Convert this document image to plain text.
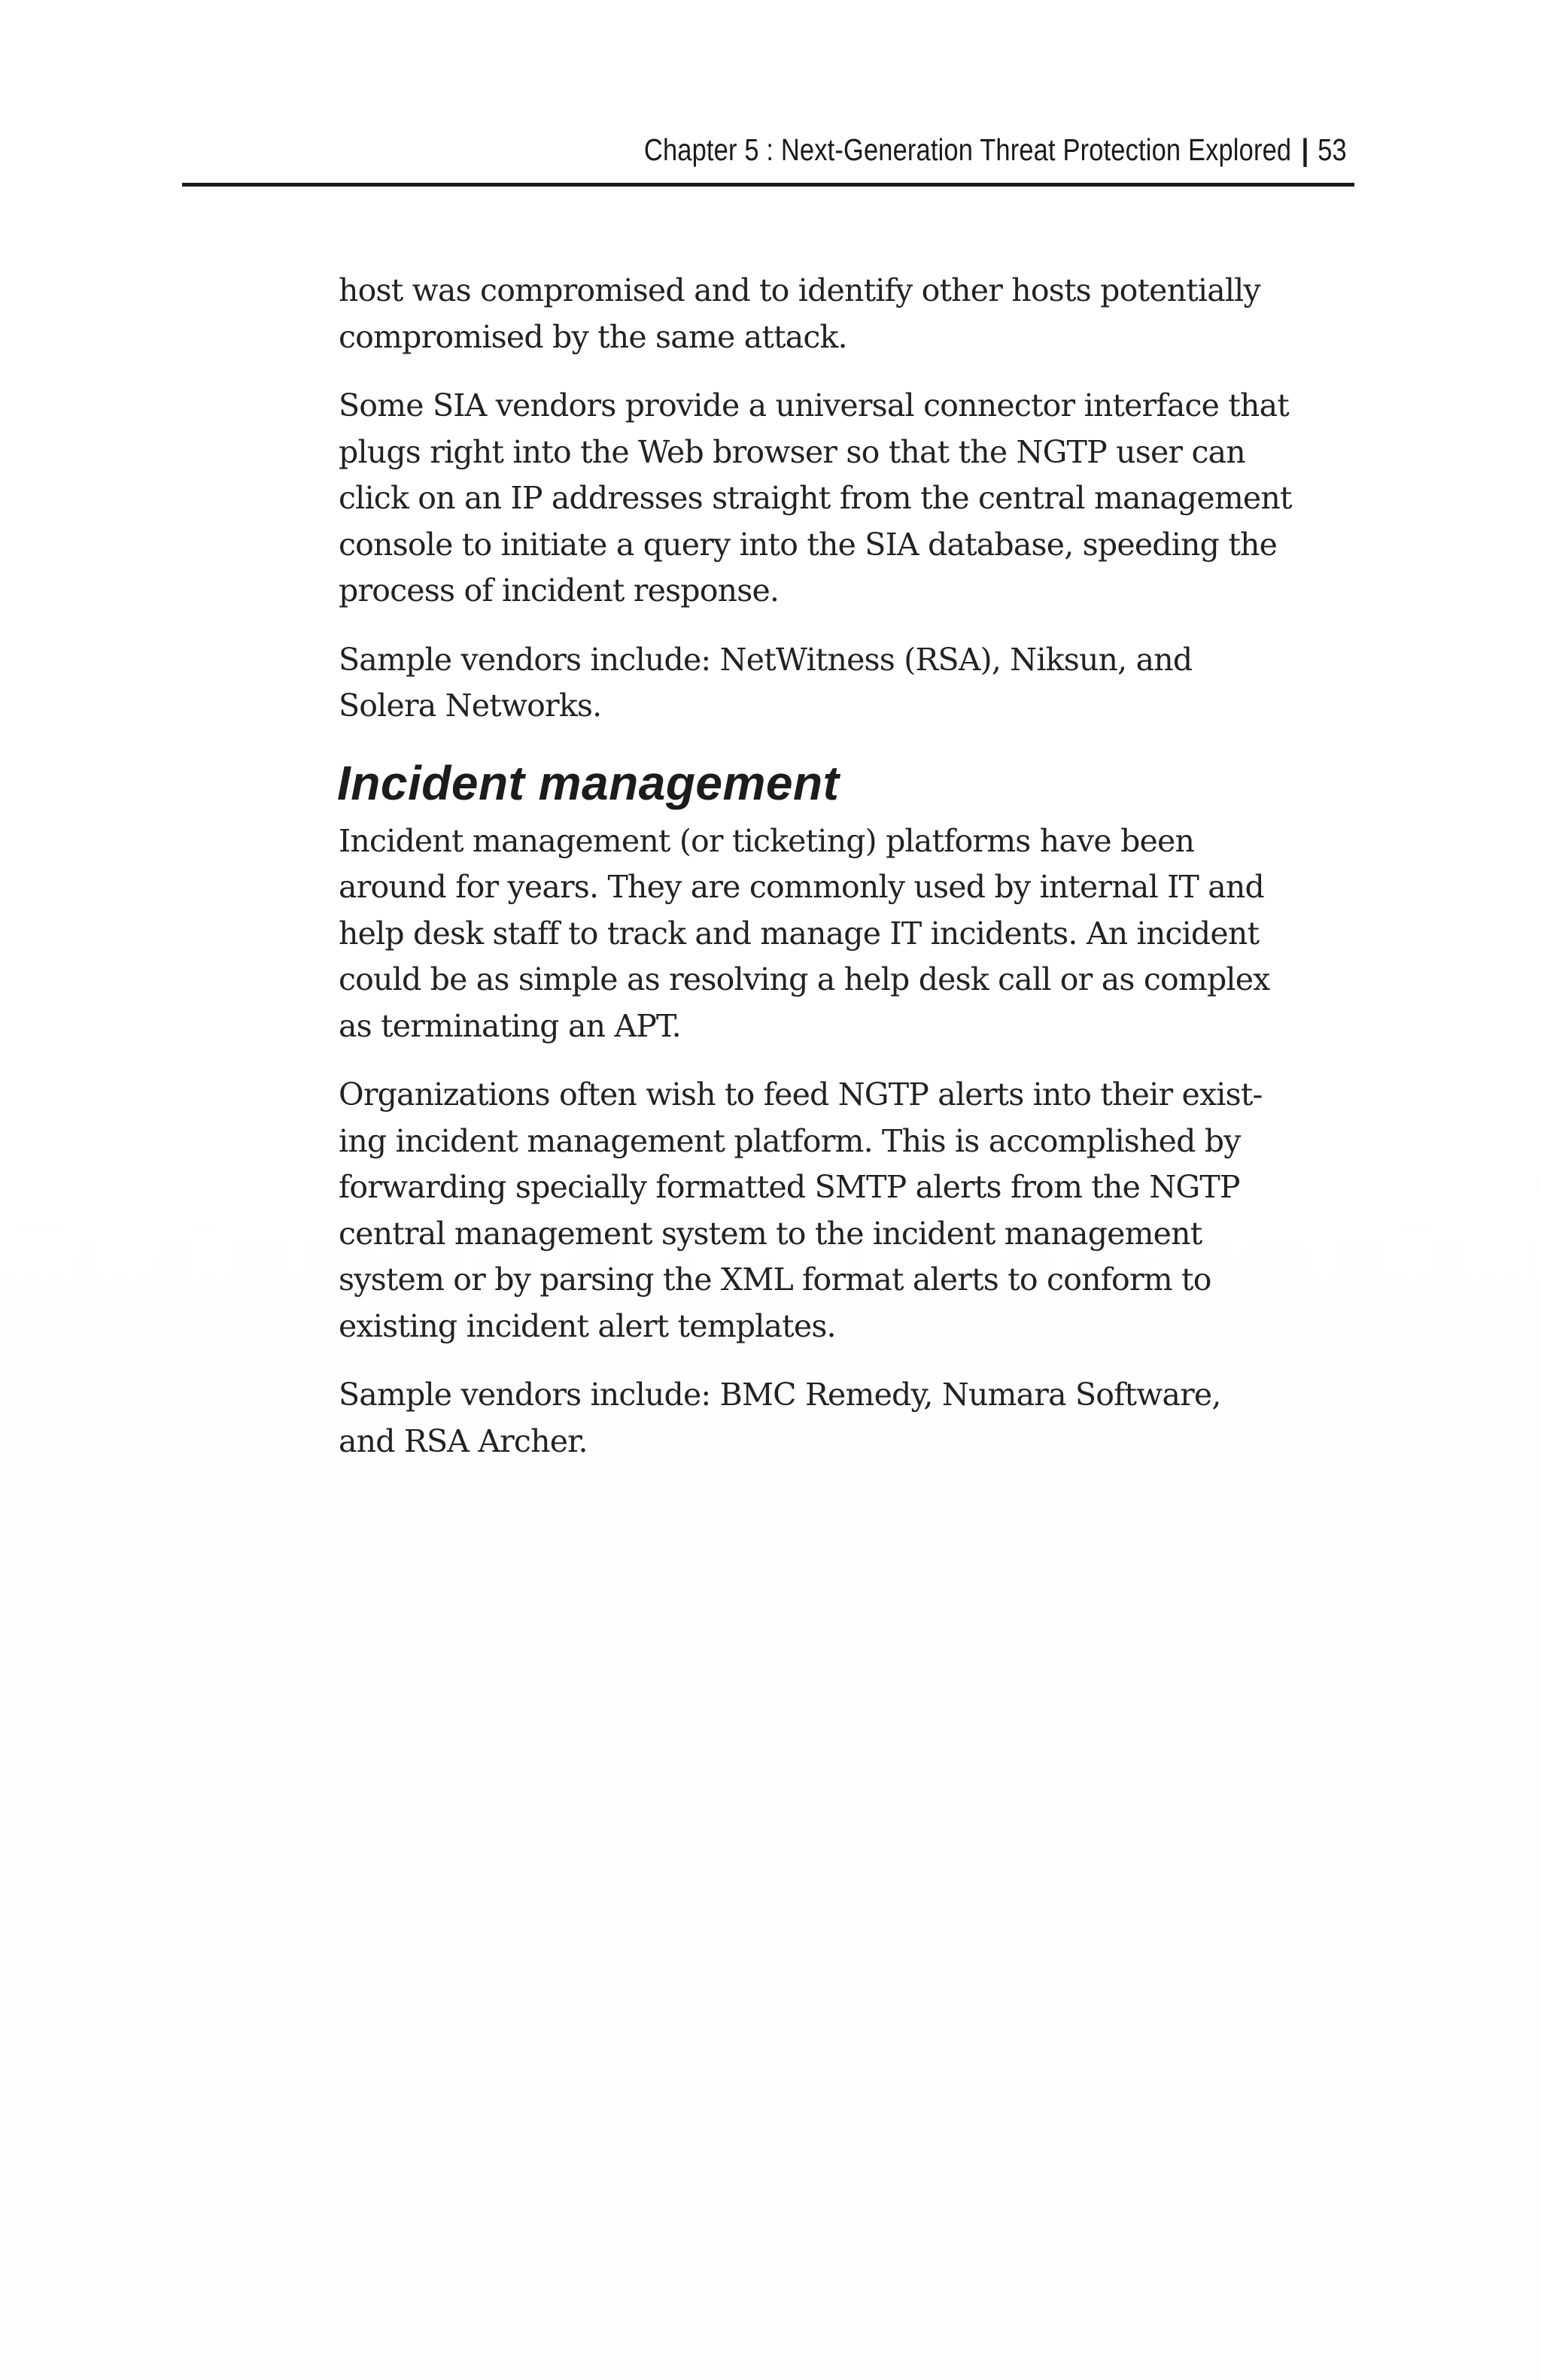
Chapter 5 : Next-Generation Threat Protection Explored | 53

host was compromised and to identify other hosts potentially
compromised by the same attack.

Some SIA vendors provide a universal connector interface that
plugs right into the Web browser so that the NGTP user can
click on an IP addresses straight from the central management
console to initiate a query into the SIA database, speeding the
process of incident response.

Sample vendors include: NetWitness (RSA), Niksun, and
Solera Networks.

Incident management

Incident management (or ticketing) platforms have been
around for years. They are commonly used by internal IT and
help desk staff to track and manage IT incidents. An incident
could be as simple as resolving a help desk call or as complex
as terminating an APT.

Organizations often wish to feed NGTP alerts into their exist-
ing incident management platform. This is accomplished by
forwarding specially formatted SMTP alerts from the NGTP
central management system to the incident management
system or by parsing the XML format alerts to conform to
existing incident alert templates.

Sample vendors include: BMC Remedy, Numara Software,
and RSA Archer.
